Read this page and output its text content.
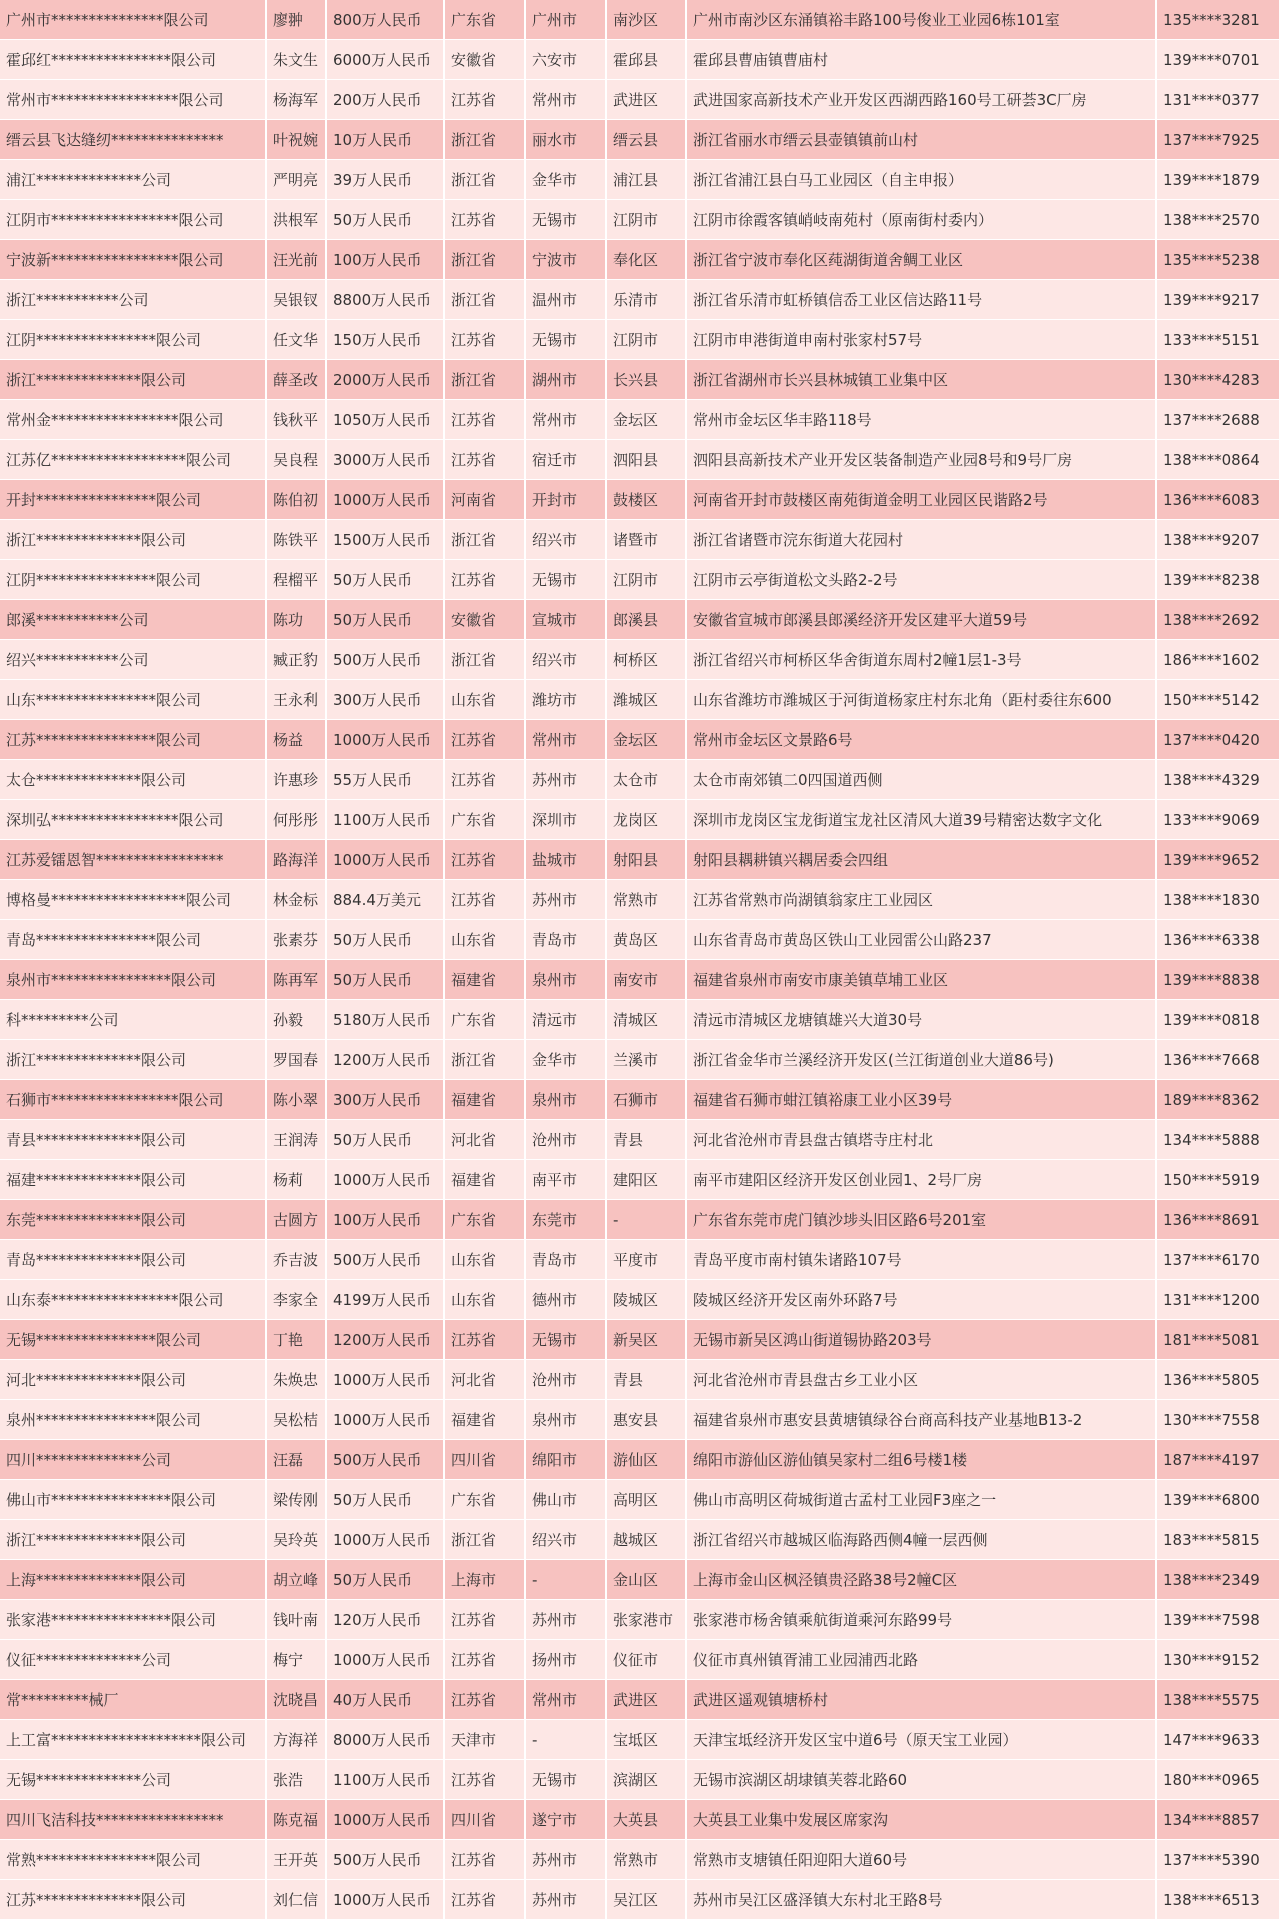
广州市***************限公司	廖翀	800万人民币	广东省	广州市	南沙区	广州市南沙区东涌镇裕丰路100号俊业工业园6栋101室	135****3281
霍邱红****************限公司	朱文生	6000万人民币	安徽省	六安市	霍邱县	霍邱县曹庙镇曹庙村	139****0701
常州市*****************限公司	杨海军	200万人民币	江苏省	常州市	武进区	武进国家高新技术产业开发区西湖西路160号工研荟3C厂房	131****0377
缙云县飞达缝纫***************	叶祝婉	10万人民币	浙江省	丽水市	缙云县	浙江省丽水市缙云县壶镇镇前山村	137****7925
浦江**************公司	严明亮	39万人民币	浙江省	金华市	浦江县	浙江省浦江县白马工业园区（自主申报）	139****1879
江阴市*****************限公司	洪根军	50万人民币	江苏省	无锡市	江阴市	江阴市徐霞客镇峭岐南苑村（原南街村委内）	138****2570
宁波新*****************限公司	汪光前	100万人民币	浙江省	宁波市	奉化区	浙江省宁波市奉化区莼湖街道舍鲷工业区	135****5238
浙江***********公司	吴银钗	8800万人民币	浙江省	温州市	乐清市	浙江省乐清市虹桥镇信岙工业区信达路11号	139****9217
江阴****************限公司	任文华	150万人民币	江苏省	无锡市	江阴市	江阴市申港街道申南村张家村57号	133****5151
浙江**************限公司	薛圣改	2000万人民币	浙江省	湖州市	长兴县	浙江省湖州市长兴县林城镇工业集中区	130****4283
常州金*****************限公司	钱秋平	1050万人民币	江苏省	常州市	金坛区	常州市金坛区华丰路118号	137****2688
江苏亿******************限公司	吴良程	3000万人民币	江苏省	宿迁市	泗阳县	泗阳县高新技术产业开发区装备制造产业园8号和9号厂房	138****0864
开封****************限公司	陈伯初	1000万人民币	河南省	开封市	鼓楼区	河南省开封市鼓楼区南苑街道金明工业园区民谐路2号	136****6083
浙江**************限公司	陈铁平	1500万人民币	浙江省	绍兴市	诸暨市	浙江省诸暨市浣东街道大花园村	138****9207
江阴****************限公司	程榴平	50万人民币	江苏省	无锡市	江阴市	江阴市云亭街道松文头路2-2号	139****8238
郎溪***********公司	陈功	50万人民币	安徽省	宣城市	郎溪县	安徽省宣城市郎溪县郎溪经济开发区建平大道59号	138****2692
绍兴***********公司	臧正豹	500万人民币	浙江省	绍兴市	柯桥区	浙江省绍兴市柯桥区华舍街道东周村2幢1层1-3号	186****1602
山东****************限公司	王永利	300万人民币	山东省	潍坊市	潍城区	山东省潍坊市潍城区于河街道杨家庄村东北角（距村委往东600	150****5142
江苏****************限公司	杨益	1000万人民币	江苏省	常州市	金坛区	常州市金坛区文景路6号	137****0420
太仓**************限公司	许惠珍	55万人民币	江苏省	苏州市	太仓市	太仓市南郊镇二0四国道西侧	138****4329
深圳弘*****************限公司	何彤彤	1100万人民币	广东省	深圳市	龙岗区	深圳市龙岗区宝龙街道宝龙社区清风大道39号精密达数字文化	133****9069
江苏爱镭恩智*****************	路海洋	1000万人民币	江苏省	盐城市	射阳县	射阳县耦耕镇兴耦居委会四组	139****9652
博格曼******************限公司	林金标	884.4万美元	江苏省	苏州市	常熟市	江苏省常熟市尚湖镇翁家庄工业园区	138****1830
青岛****************限公司	张素芬	50万人民币	山东省	青岛市	黄岛区	山东省青岛市黄岛区铁山工业园雷公山路237	136****6338
泉州市****************限公司	陈再军	50万人民币	福建省	泉州市	南安市	福建省泉州市南安市康美镇草埔工业区	139****8838
科*********公司	孙毅	5180万人民币	广东省	清远市	清城区	清远市清城区龙塘镇雄兴大道30号	139****0818
浙江**************限公司	罗国春	1200万人民币	浙江省	金华市	兰溪市	浙江省金华市兰溪经济开发区(兰江街道创业大道86号)	136****7668
石狮市*****************限公司	陈小翠	300万人民币	福建省	泉州市	石狮市	福建省石狮市蚶江镇裕康工业小区39号	189****8362
青县**************限公司	王润涛	50万人民币	河北省	沧州市	青县	河北省沧州市青县盘古镇塔寺庄村北	134****5888
福建**************限公司	杨莉	1000万人民币	福建省	南平市	建阳区	南平市建阳区经济开发区创业园1、2号厂房	150****5919
东莞**************限公司	古圆方	100万人民币	广东省	东莞市	-	广东省东莞市虎门镇沙埗头旧区路6号201室	136****8691
青岛**************限公司	乔吉波	500万人民币	山东省	青岛市	平度市	青岛平度市南村镇朱诸路107号	137****6170
山东泰*****************限公司	李家全	4199万人民币	山东省	德州市	陵城区	陵城区经济开发区南外环路7号	131****1200
无锡****************限公司	丁艳	1200万人民币	江苏省	无锡市	新吴区	无锡市新吴区鸿山街道锡协路203号	181****5081
河北**************限公司	朱焕忠	1000万人民币	河北省	沧州市	青县	河北省沧州市青县盘古乡工业小区	136****5805
泉州****************限公司	吴松桔	1000万人民币	福建省	泉州市	惠安县	福建省泉州市惠安县黄塘镇绿谷台商高科技产业基地B13-2	130****7558
四川**************公司	汪磊	500万人民币	四川省	绵阳市	游仙区	绵阳市游仙区游仙镇吴家村二组6号楼1楼	187****4197
佛山市****************限公司	梁传刚	50万人民币	广东省	佛山市	高明区	佛山市高明区荷城街道古孟村工业园F3座之一	139****6800
浙江**************限公司	吴玲英	1000万人民币	浙江省	绍兴市	越城区	浙江省绍兴市越城区临海路西侧4幢一层西侧	183****5815
上海**************限公司	胡立峰	50万人民币	上海市	-	金山区	上海市金山区枫泾镇贵泾路38号2幢C区	138****2349
张家港****************限公司	钱叶南	120万人民币	江苏省	苏州市	张家港市	张家港市杨舍镇乘航街道乘河东路99号	139****7598
仪征**************公司	梅宁	1000万人民币	江苏省	扬州市	仪征市	仪征市真州镇胥浦工业园浦西北路	130****9152
常*********械厂	沈晓昌	40万人民币	江苏省	常州市	武进区	武进区遥观镇塘桥村	138****5575
上工富********************限公司	方海祥	8000万人民币	天津市	-	宝坻区	天津宝坻经济开发区宝中道6号（原天宝工业园）	147****9633
无锡**************公司	张浩	1100万人民币	江苏省	无锡市	滨湖区	无锡市滨湖区胡埭镇芙蓉北路60	180****0965
四川飞洁科技*****************	陈克福	1000万人民币	四川省	遂宁市	大英县	大英县工业集中发展区席家沟	134****8857
常熟****************限公司	王开英	500万人民币	江苏省	苏州市	常熟市	常熟市支塘镇任阳迎阳大道60号	137****5390
江苏**************限公司	刘仁信	1000万人民币	江苏省	苏州市	吴江区	苏州市吴江区盛泽镇大东村北王路8号	138****6513
